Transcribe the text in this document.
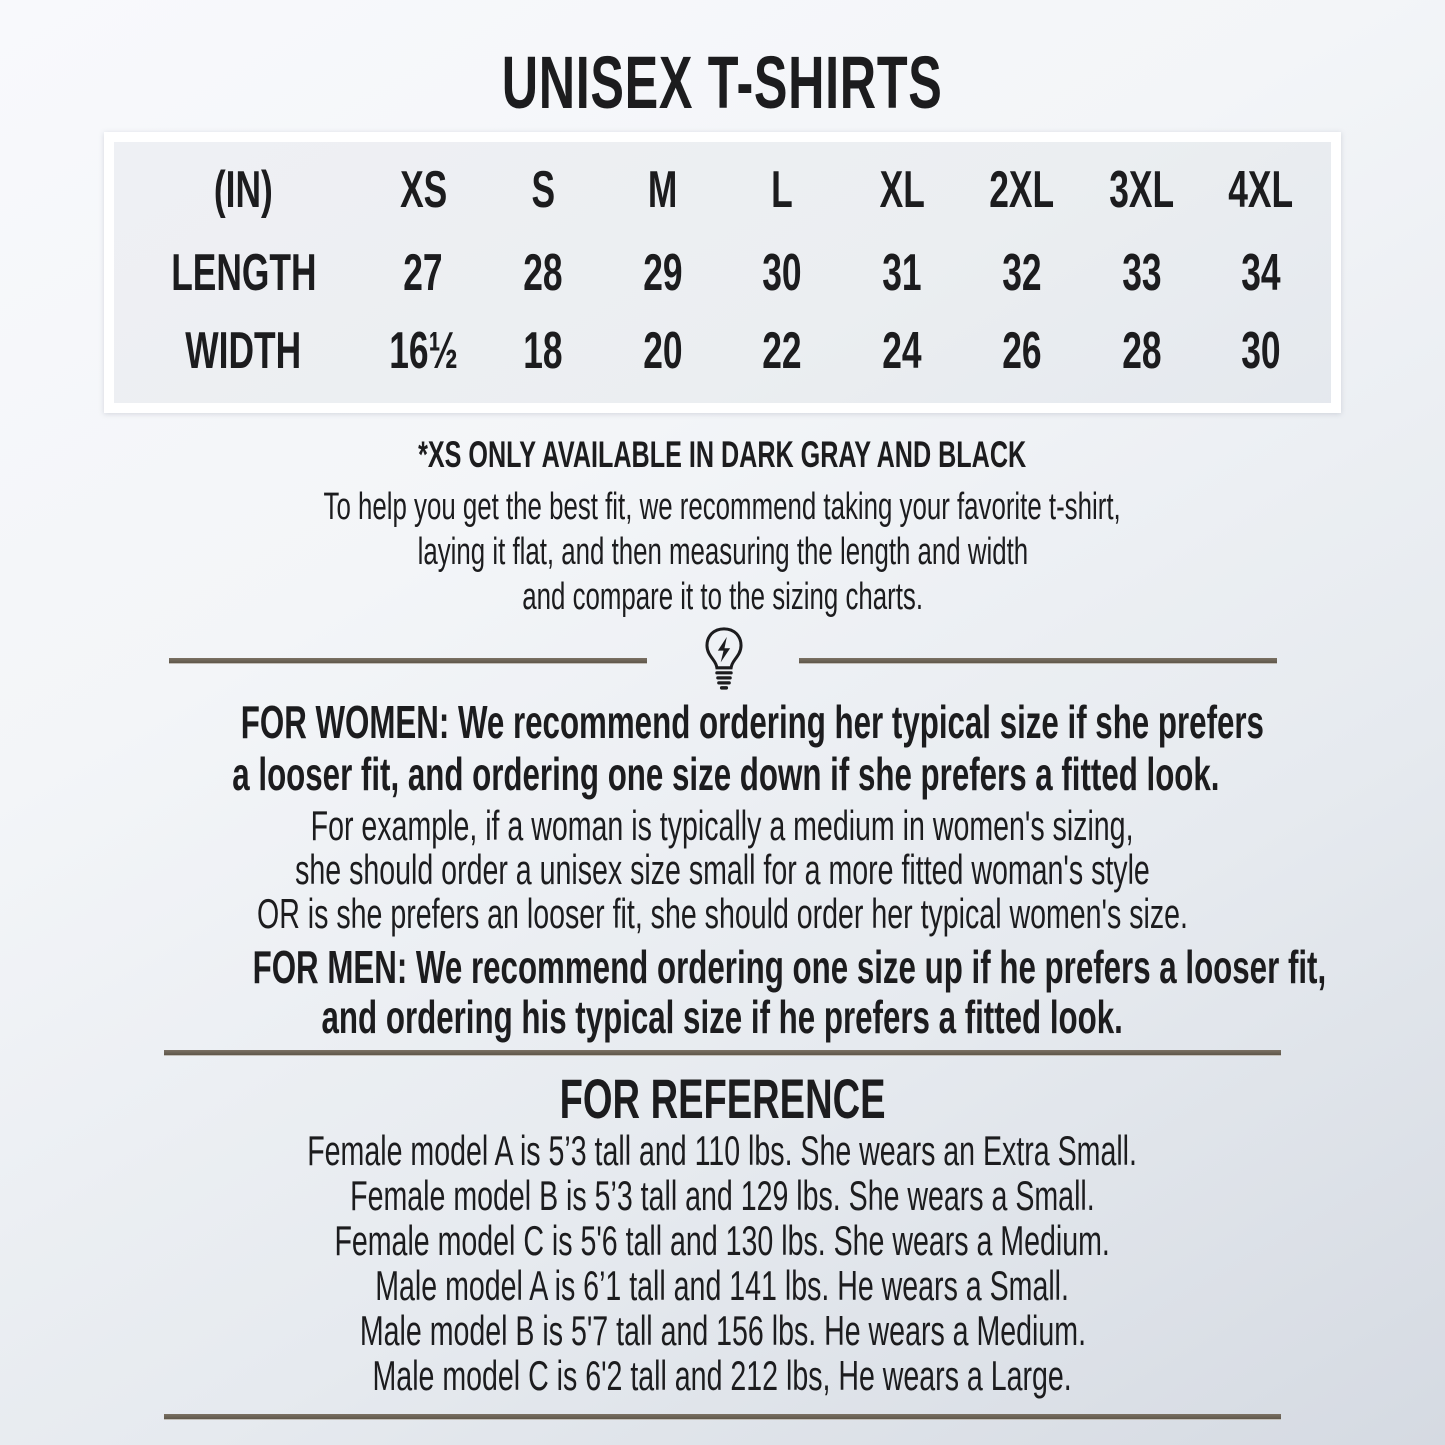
UNISEX T-SHIRTS
(IN)	XS	S	M	L	XL	2XL	3XL	4XL
LENGTH	27	28	29	30	31	32	33	34
WIDTH	16½	18	20	22	24	26	28	30
*XS ONLY AVAILABLE IN DARK GRAY AND BLACK
To help you get the best fit, we recommend taking your favorite t-shirt,
laying it flat, and then measuring the length and width
and compare it to the sizing charts.
FOR WOMEN: We recommend ordering her typical size if she prefers
a looser fit, and ordering one size down if she prefers a fitted look.
For example, if a woman is typically a medium in women's sizing,
she should order a unisex size small for a more fitted woman's style
OR is she prefers an looser fit, she should order her typical women's size.
FOR MEN: We recommend ordering one size up if he prefers a looser fit,
and ordering his typical size if he prefers a fitted look.
FOR REFERENCE
Female model A is 5’3 tall and 110 lbs. She wears an Extra Small.
Female model B is 5’3 tall and 129 lbs. She wears a Small.
Female model C is 5'6 tall and 130 lbs. She wears a Medium.
Male model A is 6’1 tall and 141 lbs. He wears a Small.
Male model B is 5'7 tall and 156 lbs. He wears a Medium.
Male model C is 6'2 tall and 212 lbs, He wears a Large.
